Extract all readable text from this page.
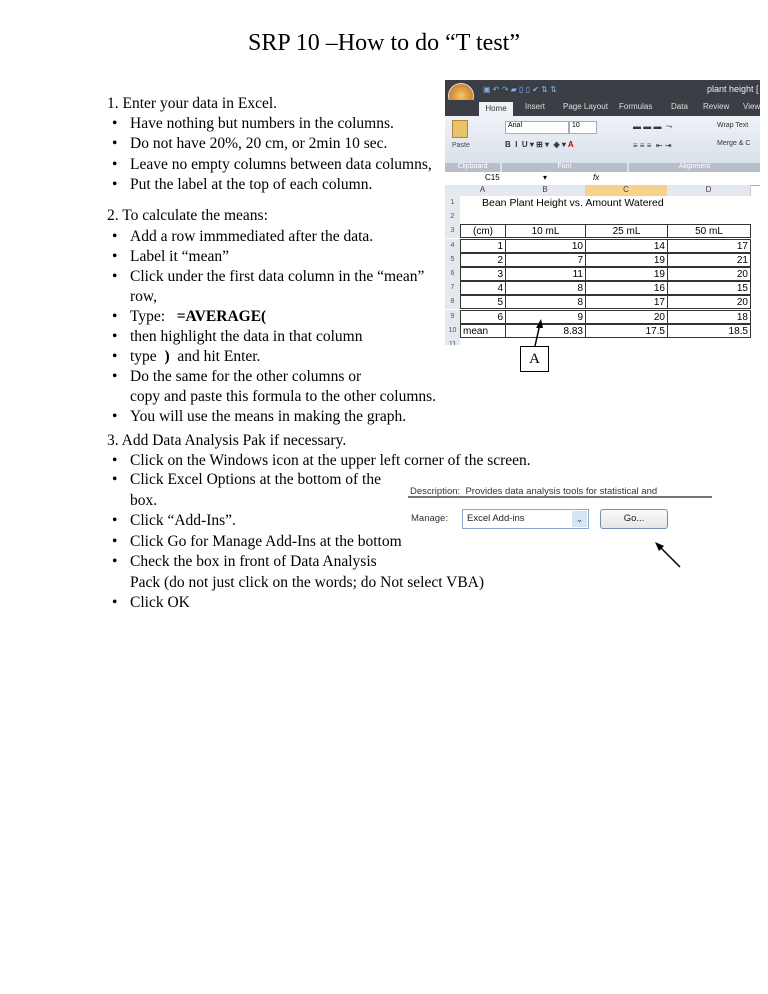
SRP 10 –How to do “T test”
1. Enter your data in Excel.
• Have nothing but numbers in the columns.
• Do not have 20%, 20 cm, or 2min 10 sec.
• Leave no empty columns between data columns,
• Put the label at the top of each column.
2. To calculate the means:
• Add a row immmediated after the data.
• Label it “mean”
• Click under the first data column in the “mean” row,
• Type: =AVERAGE(
• then highlight the data in that column
• type ) and hit Enter.
• Do the same for the other columns or
copy and paste this formula to the other columns.
• You will use the means in making the graph.
3. Add Data Analysis Pak if necessary.
• Click on the Windows icon at the upper left corner of the screen.
• Click Excel Options at the bottom of the
box.
• Click “Add-Ins”.
• Click Go for Manage Add-Ins at the bottom
• Check the box in front of Data Analysis
Pack (do not just click on the words; do Not select VBA)
• Click OK
▣ ↶ ↷ ▰ ▯ ▯ ✔ ⇅ ⇅	plant height [
Home	Insert Page Layout Formulas Data Review View
Paste
Arial	10
B  I  U ▾ ⊞ ▾  ◈ ▾ A
▬ ▬ ▬  ⤳

≡ ≡ ≡  ⇤ ⇥
Wrap Text
Merge & C
Clipboard	Font	Alignment
C15	▾	fx
A	B	C	D
1
2
3
4
5
6
7
8
9
10
11
Bean Plant Height vs. Amount Watered
(cm)	10 mL	25 mL	50 mL
1	10	14	17
2	7	19	21
3	11	19	20
4	8	16	15
5	8	17	20
6	9	20	18
mean	8.83	17.5	18.5
A
Description: Provides data analysis tools for statistical and
Manage: Excel Add-ins	⌄	Go...
